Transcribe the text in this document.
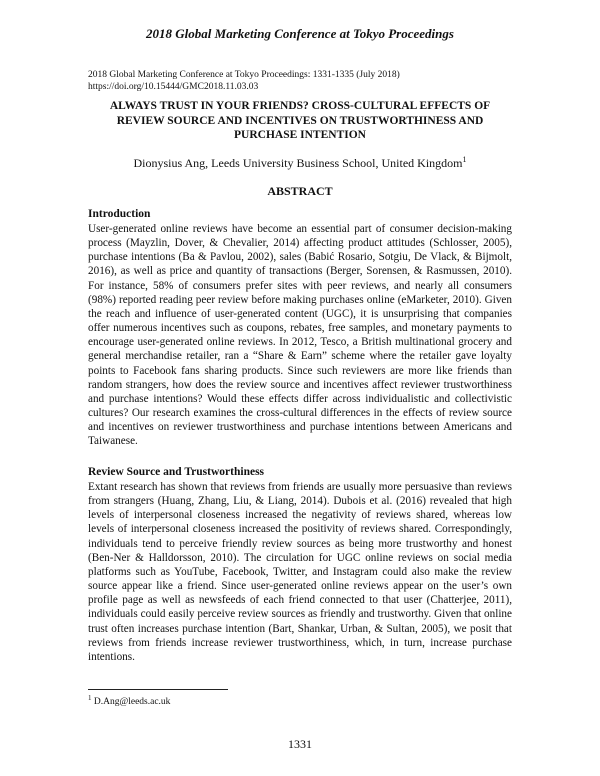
2018 Global Marketing Conference at Tokyo Proceedings
2018 Global Marketing Conference at Tokyo Proceedings: 1331-1335 (July 2018)
https://doi.org/10.15444/GMC2018.11.03.03
ALWAYS TRUST IN YOUR FRIENDS? CROSS-CULTURAL EFFECTS OF REVIEW SOURCE AND INCENTIVES ON TRUSTWORTHINESS AND PURCHASE INTENTION
Dionysius Ang, Leeds University Business School, United Kingdom$^1$
ABSTRACT
Introduction

User-generated online reviews have become an essential part of consumer decision-making process (Mayzlin, Dover, & Chevalier, 2014) affecting product attitudes (Schlosser, 2005), purchase intentions (Ba & Pavlou, 2002), sales (Babić Rosario, Sotgiu, De Vlack, & Bijmolt, 2016), as well as price and quantity of transactions (Berger, Sorensen, & Rasmussen, 2010). For instance, 58% of consumers prefer sites with peer reviews, and nearly all consumers (98%) reported reading peer review before making purchases online (eMarketer, 2010). Given the reach and influence of user-generated content (UGC), it is unsurprising that companies offer numerous incentives such as coupons, rebates, free samples, and monetary payments to encourage user-generated online reviews. In 2012, Tesco, a British multinational grocery and general merchandise retailer, ran a “Share & Earn” scheme where the retailer gave loyalty points to Facebook fans sharing products. Since such reviewers are more like friends than random strangers, how does the review source and incentives affect reviewer trustworthiness and purchase intentions? Would these effects differ across individualistic and collectivistic cultures? Our research examines the cross-cultural differences in the effects of review source and incentives on reviewer trustworthiness and purchase intentions between Americans and Taiwanese.

Review Source and Trustworthiness

Extant research has shown that reviews from friends are usually more persuasive than reviews from strangers (Huang, Zhang, Liu, & Liang, 2014). Dubois et al. (2016) revealed that high levels of interpersonal closeness increased the negativity of reviews shared, whereas low levels of interpersonal closeness increased the positivity of reviews shared. Correspondingly, individuals tend to perceive friendly review sources as being more trustworthy and honest (Ben-Ner & Halldorsson, 2010). The circulation for UGC online reviews on social media platforms such as YouTube, Facebook, Twitter, and Instagram could also make the review source appear like a friend. Since user-generated online reviews appear on the user’s own profile page as well as newsfeeds of each friend connected to that user (Chatterjee, 2011), individuals could easily perceive review sources as friendly and trustworthy. Given that online trust often increases purchase intention (Bart, Shankar, Urban, & Sultan, 2005), we posit that reviews from friends increase reviewer trustworthiness, which, in turn, increase purchase intentions.

$^1$ D.Ang@leeds.ac.uk
1331
